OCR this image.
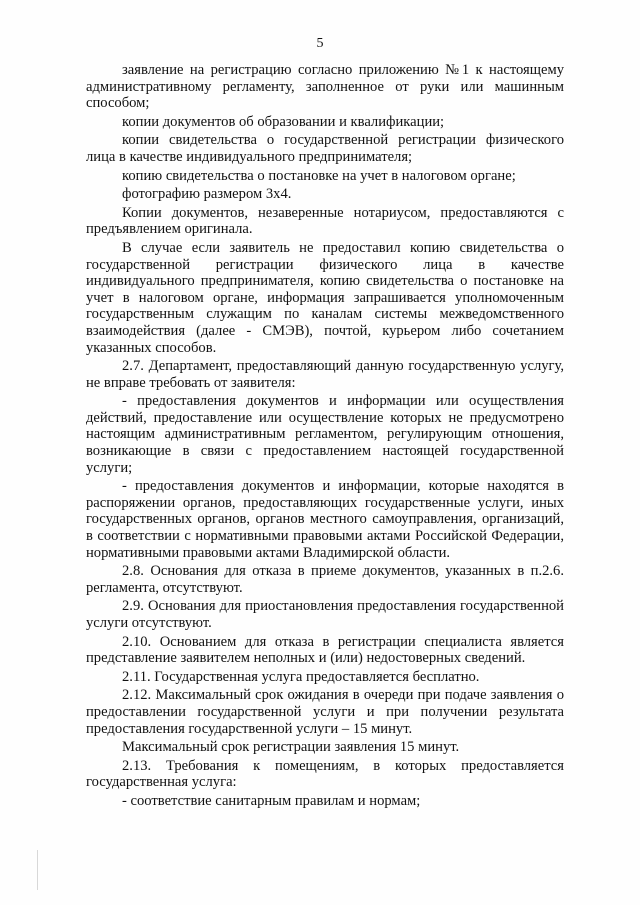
5

заявление на регистрацию согласно приложению №1 к настоящему административному регламенту, заполненное от руки или машинным способом;

копии документов об образовании и квалификации;

копии свидетельства о государственной регистрации физического лица в качестве индивидуального предпринимателя;

копию свидетельства о постановке на учет в налоговом органе;

фотографию размером 3х4.

Копии документов, незаверенные нотариусом, предоставляются с предъявлением оригинала.

В случае если заявитель не предоставил копию свидетельства о государственной регистрации физического лица в качестве индивидуального предпринимателя, копию свидетельства о постановке на учет в налоговом органе, информация запрашивается уполномоченным государственным служащим по каналам системы межведомственного взаимодействия (далее - СМЭВ), почтой, курьером либо сочетанием указанных способов.

2.7. Департамент, предоставляющий данную государственную услугу, не вправе требовать от заявителя:

- предоставления документов и информации или осуществления действий, предоставление или осуществление которых не предусмотрено настоящим административным регламентом, регулирующим отношения, возникающие в связи с предоставлением настоящей государственной услуги;

- предоставления документов и информации, которые находятся в распоряжении органов, предоставляющих государственные услуги, иных государственных органов, органов местного самоуправления, организаций, в соответствии с нормативными правовыми актами Российской Федерации, нормативными правовыми актами Владимирской области.

2.8. Основания для отказа в приеме документов, указанных в п.2.6. регламента, отсутствуют.

2.9. Основания для приостановления предоставления государственной услуги отсутствуют.

2.10. Основанием для отказа в регистрации специалиста является представление заявителем неполных и (или) недостоверных сведений.

2.11. Государственная услуга предоставляется бесплатно.

2.12. Максимальный срок ожидания в очереди при подаче заявления о предоставлении государственной услуги и при получении результата предоставления государственной услуги – 15 минут.

Максимальный срок регистрации заявления 15 минут.

2.13. Требования к помещениям, в которых предоставляется государственная услуга:

- соответствие санитарным правилам и нормам;
